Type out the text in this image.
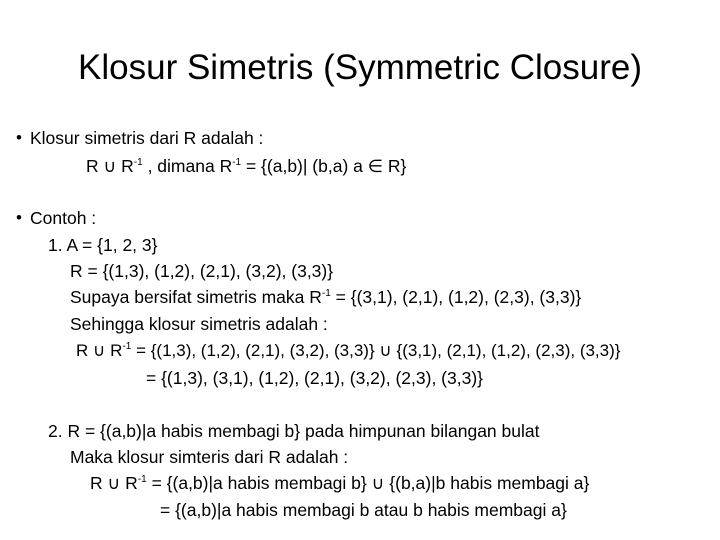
Klosur Simetris (Symmetric Closure)
• Klosur simetris dari R adalah :
R ∪ $R^{-1}$ , dimana $R^{-1} = \{(a,b)|$ (b,a) a ∈ R}
• Contoh :
1. A = {1, 2, 3}
R = {(1,3), (1,2), (2,1), (3,2), (3,3)}
Supaya bersifat simetris maka $R^{-1} = \{(3,1)$, (2,1), (1,2), (2,3), (3,3)}
Sehingga klosur simetris adalah :
R ∪ $R^{-1} = \{(1,3)$, (1,2), (2,1), (3,2), (3,3)} ∪ {(3,1), (2,1), (1,2), (2,3), (3,3)}
= {(1,3), (3,1), (1,2), (2,1), (3,2), (2,3), (3,3)}
2. R = {(a,b)|a habis membagi b} pada himpunan bilangan bulat
Maka klosur simteris dari R adalah :
R ∪ $R^{-1} = \{(a,b)|a$ habis membagi b} ∪ {(b,a)|b habis membagi a}
= {(a,b)|a habis membagi b atau b habis membagi a}
